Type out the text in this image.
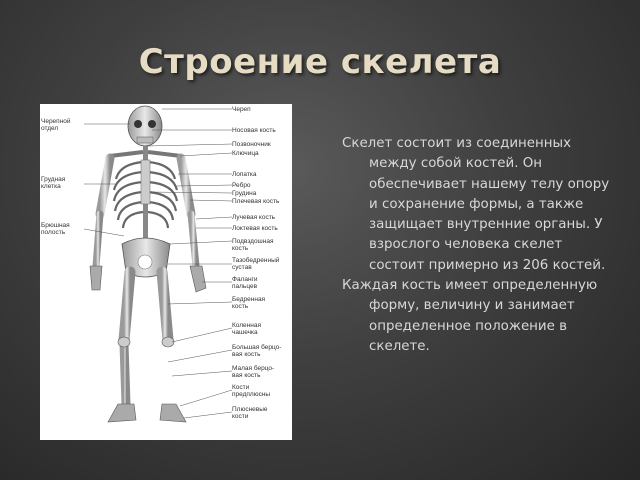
Строение скелета
Черепной
отдел
Грудная
клетка
Брюшная
полость
Череп
Носовая кость
Позвоночник
Ключица
Лопатка
Ребро
Грудина
Плечевая кость
Лучевая кость
Локтевая кость
Подвздошная
кость
Тазобедренный
сустав
Фаланги
пальцев
Бедренная
кость
Коленная
чашечка
Большая берцо-
вая кость
Малая берцо-
вая кость
Кости
предплюсны
Плюсневые
кости

Скелет состоит из соединенных между собой костей. Он обеспечивает нашему телу опору и сохранение формы, а также защищает внутренние органы. У взрослого человека скелет состоит примерно из 206 костей.

Каждая кость имеет определенную форму, величину и занимает определенное положение в скелете.
